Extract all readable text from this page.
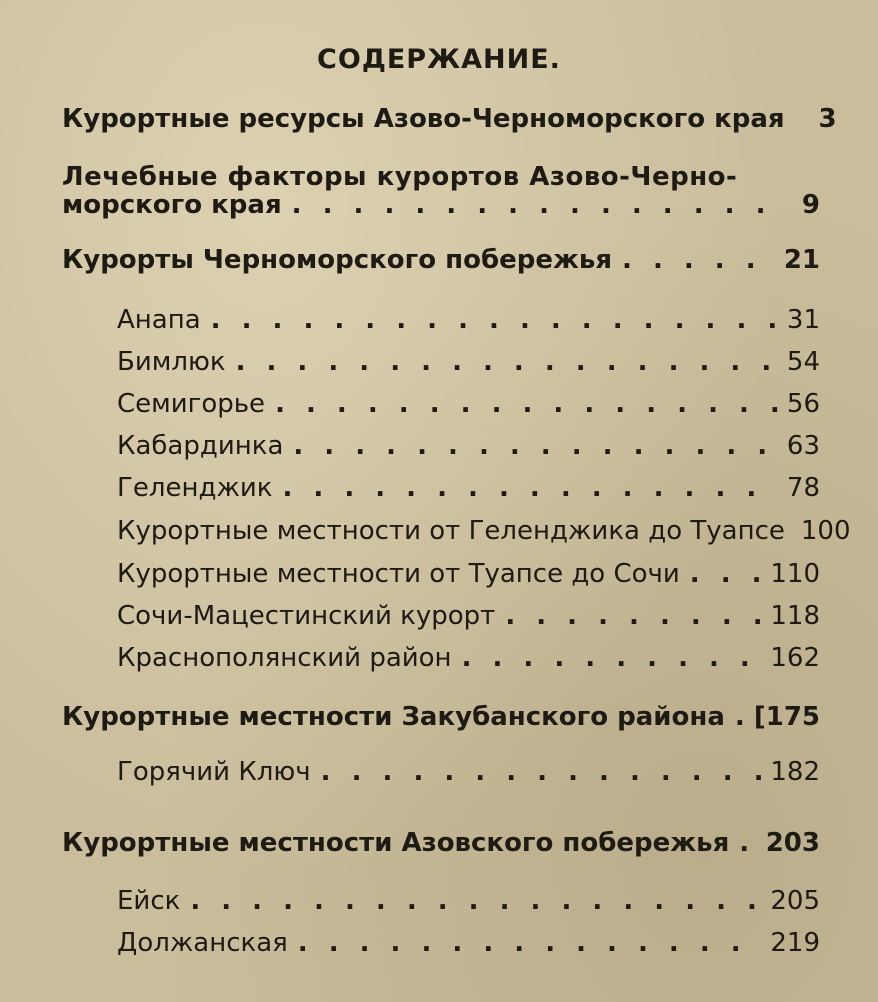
СОДЕРЖАНИЕ.
Курортные ресурсы Азово-Черноморского края	3
Лечебные факторы курортов Азово-Черно-
морского края . . .	9
Курорты Черноморского побережья . . .	21
Анапа . . .	31
Бимлюк . . .	54
Семигорье . . .	56
Кабардинка . . .	63
Геленджик . . .	78
Курортные местности от Геленджика до Туапсе 100
Курортные местности от Туапсе до Сочи . . .	110
Сочи-Мацестинский курорт . . .	118
Краснополянский район . . .	162
Курортные местности Закубанского района . . . [175
Горячий Ключ . . .	182
Курортные местности Азовского побережья . . . 203
Ейск . . .	205
Должанская . . .	219
